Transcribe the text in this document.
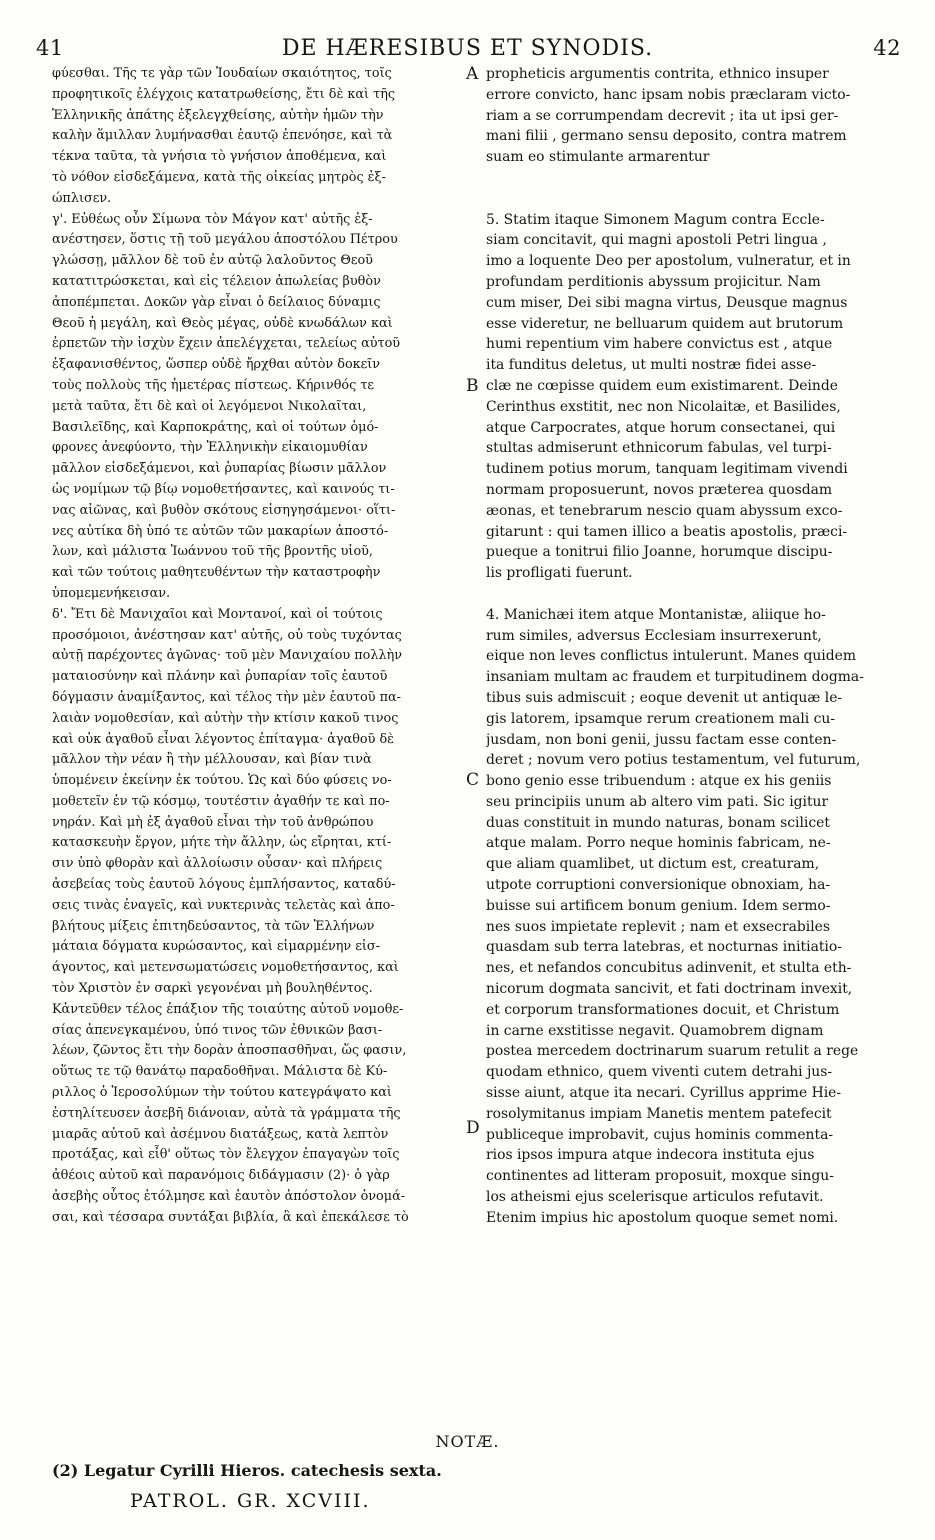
41	DE HÆRESIBUS ET SYNODIS.	42
φύεσθαι. Τῆς τε γὰρ τῶν Ἰουδαίων σκαιότητος, τοῖς
προφητικοῖς ἐλέγχοις κατατρωθείσης, ἔτι δὲ καὶ τῆς
Ἑλληνικῆς ἀπάτης ἐξελεγχθείσης, αὐτὴν ἡμῶν τὴν
καλὴν ἅμιλλαν λυμήνασθαι ἑαυτῷ ἐπενόησε, καὶ τὰ
τέκνα ταῦτα, τὰ γνήσια τὸ γνήσιον ἀποθέμενα, καὶ
τὸ νόθον εἰσδεξάμενα, κατὰ τῆς οἰκείας μητρὸς ἐξ-
ώπλισεν.
γ'. Εὐθέως οὖν Σίμωνα τὸν Μάγον κατ' αὐτῆς ἐξ-
ανέστησεν, ὅστις τῇ τοῦ μεγάλου ἀποστόλου Πέτρου
γλώσσῃ, μᾶλλον δὲ τοῦ ἐν αὐτῷ λαλοῦντος Θεοῦ
κατατιτρώσκεται, καὶ εἰς τέλειον ἀπωλείας βυθὸν
ἀποπέμπεται. Δοκῶν γὰρ εἶναι ὁ δείλαιος δύναμις
Θεοῦ ἡ μεγάλη, καὶ Θεὸς μέγας, οὐδὲ κνωδάλων καὶ
ἑρπετῶν τὴν ἰσχὺν ἔχειν ἀπελέγχεται, τελείως αὐτοῦ
ἐξαφανισθέντος, ὥσπερ οὐδὲ ἤρχθαι αὐτὸν δοκεῖν
τοὺς πολλοὺς τῆς ἡμετέρας πίστεως. Κήρινθός τε
μετὰ ταῦτα, ἔτι δὲ καὶ οἱ λεγόμενοι Νικολαῖται,
Βασιλεῖδης, καὶ Καρποκράτης, καὶ οἱ τούτων ὁμό-
φρονες ἀνεφύοντο, τὴν Ἑλληνικὴν εἰκαιομυθίαν
μᾶλλον εἰσδεξάμενοι, καὶ ῥυπαρίας βίωσιν μᾶλλον
ὡς νομίμων τῷ βίῳ νομοθετήσαντες, καὶ καινούς τι-
νας αἰῶνας, καὶ βυθὸν σκότους εἰσηγησάμενοι· οἵτι-
νες αὐτίκα δὴ ὑπό τε αὐτῶν τῶν μακαρίων ἀποστό-
λων, καὶ μάλιστα Ἰωάννου τοῦ τῆς βροντῆς υἱοῦ,
καὶ τῶν τούτοις μαθητευθέντων τὴν καταστροφὴν
ὑπομεμενήκεισαν.
δ'. Ἔτι δὲ Μανιχαῖοι καὶ Μοντανοί, καὶ οἱ τούτοις
προσόμοιοι, ἀνέστησαν κατ' αὐτῆς, οὐ τοὺς τυχόντας
αὐτῇ παρέχοντες ἀγῶνας· τοῦ μὲν Μανιχαίου πολλὴν
ματαιοσύνην καὶ πλάνην καὶ ῥυπαρίαν τοῖς ἑαυτοῦ
δόγμασιν ἀναμίξαντος, καὶ τέλος τὴν μὲν ἑαυτοῦ πα-
λαιὰν νομοθεσίαν, καὶ αὐτὴν τὴν κτίσιν κακοῦ τινος
καὶ οὐκ ἀγαθοῦ εἶναι λέγοντος ἐπίταγμα· ἀγαθοῦ δὲ
μᾶλλον τὴν νέαν ἢ τὴν μέλλουσαν, καὶ βίαν τινὰ
ὑπομένειν ἐκείνην ἐκ τούτου. Ὡς καὶ δύο φύσεις νο-
μοθετεῖν ἐν τῷ κόσμῳ, τουτέστιν ἀγαθήν τε καὶ πο-
νηράν. Καὶ μὴ ἐξ ἀγαθοῦ εἶναι τὴν τοῦ ἀνθρώπου
κατασκευὴν ἔργον, μήτε τὴν ἄλλην, ὡς εἴρηται, κτί-
σιν ὑπὸ φθορὰν καὶ ἀλλοίωσιν οὖσαν· καὶ πλήρεις
ἀσεβείας τοὺς ἑαυτοῦ λόγους ἐμπλήσαντος, καταδύ-
σεις τινὰς ἐναγεῖς, καὶ νυκτερινὰς τελετὰς καὶ ἀπο-
βλήτους μίξεις ἐπιτηδεύσαντος, τὰ τῶν Ἑλλήνων
μάταια δόγματα κυρώσαντος, καὶ εἱμαρμένην εἰσ-
άγοντος, καὶ μετενσωματώσεις νομοθετήσαντος, καὶ
τὸν Χριστὸν ἐν σαρκὶ γεγονέναι μὴ βουληθέντος.
Κἀντεῦθεν τέλος ἐπάξιον τῆς τοιαύτης αὐτοῦ νομοθε-
σίας ἀπενεγκαμένου, ὑπό τινος τῶν ἐθνικῶν βασι-
λέων, ζῶντος ἔτι τὴν δορὰν ἀποσπασθῆναι, ὥς φασιν,
οὕτως τε τῷ θανάτῳ παραδοθῆναι. Μάλιστα δὲ Κύ-
ριλλος ὁ Ἱεροσολύμων τὴν τούτου κατεγράψατο καὶ
ἐστηλίτευσεν ἀσεβῆ διάνοιαν, αὐτὰ τὰ γράμματα τῆς
μιαρᾶς αὐτοῦ καὶ ἀσέμνου διατάξεως, κατὰ λεπτὸν
προτάξας, καὶ εἶθ' οὕτως τὸν ἔλεγχον ἐπαγαγὼν τοῖς
ἀθέοις αὐτοῦ καὶ παρανόμοις διδάγμασιν (2)· ὁ γὰρ
ἀσεβὴς οὗτος ἐτόλμησε καὶ ἑαυτὸν ἀπόστολον ὀνομά-
σαι, καὶ τέσσαρα συντάξαι βιβλία, ἃ καὶ ἐπεκάλεσε τὸ
propheticis argumentis contrita, ethnico insuper
errore convicto, hanc ipsam nobis præclaram victo-
riam a se corrumpendam decrevit ; ita ut ipsi ger-
mani filii , germano sensu deposito, contra matrem
suam eo stimulante armarentur
5. Statim itaque Simonem Magum contra Eccle-
siam concitavit, qui magni apostoli Petri lingua ,
imo a loquente Deo per apostolum, vulneratur, et in
profundam perditionis abyssum projicitur. Nam
cum miser, Dei sibi magna virtus, Deusque magnus
esse videretur, ne belluarum quidem aut brutorum
humi repentium vim habere convictus est , atque
ita funditus deletus, ut multi nostræ fidei asse-
clæ ne cœpisse quidem eum existimarent. Deinde
Cerinthus exstitit, nec non Nicolaitæ, et Basilides,
atque Carpocrates, atque horum consectanei, qui
stultas admiserunt ethnicorum fabulas, vel turpi-
tudinem potius morum, tanquam legitimam vivendi
normam proposuerunt, novos præterea quosdam
æonas, et tenebrarum nescio quam abyssum exco-
gitarunt : qui tamen illico a beatis apostolis, præci-
pueque a tonitrui filio Joanne, horumque discipu-
lis profligati fuerunt.
4. Manichæi item atque Montanistæ, aliique ho-
rum similes, adversus Ecclesiam insurrexerunt,
eique non leves conflictus intulerunt. Manes quidem
insaniam multam ac fraudem et turpitudinem dogma-
tibus suis admiscuit ; eoque devenit ut antiquæ le-
gis latorem, ipsamque rerum creationem mali cu-
jusdam, non boni genii, jussu factam esse conten-
deret ; novum vero potius testamentum, vel futurum,
bono genio esse tribuendum : atque ex his geniis
seu principiis unum ab altero vim pati. Sic igitur
duas constituit in mundo naturas, bonam scilicet
atque malam. Porro neque hominis fabricam, ne-
que aliam quamlibet, ut dictum est, creaturam,
utpote corruptioni conversionique obnoxiam, ha-
buisse sui artificem bonum genium. Idem sermo-
nes suos impietate replevit ; nam et exsecrabiles
quasdam sub terra latebras, et nocturnas initiatio-
nes, et nefandos concubitus adinvenit, et stulta eth-
nicorum dogmata sancivit, et fati doctrinam invexit,
et corporum transformationes docuit, et Christum
in carne exstitisse negavit. Quamobrem dignam
postea mercedem doctrinarum suarum retulit a rege
quodam ethnico, quem viventi cutem detrahi jus-
sisse aiunt, atque ita necari. Cyrillus apprime Hie-
rosolymitanus impiam Manetis mentem patefecit
publiceque improbavit, cujus hominis commenta-
rios ipsos impura atque indecora instituta ejus
continentes ad litteram proposuit, moxque singu-
los atheismi ejus scelerisque articulos refutavit.
Etenim impius hic apostolum quoque semet nomi.
A
B
C
D
NOTÆ.
(2) Legatur Cyrilli Hieros. catechesis sexta.
PATROL. GR. XCVIII.
